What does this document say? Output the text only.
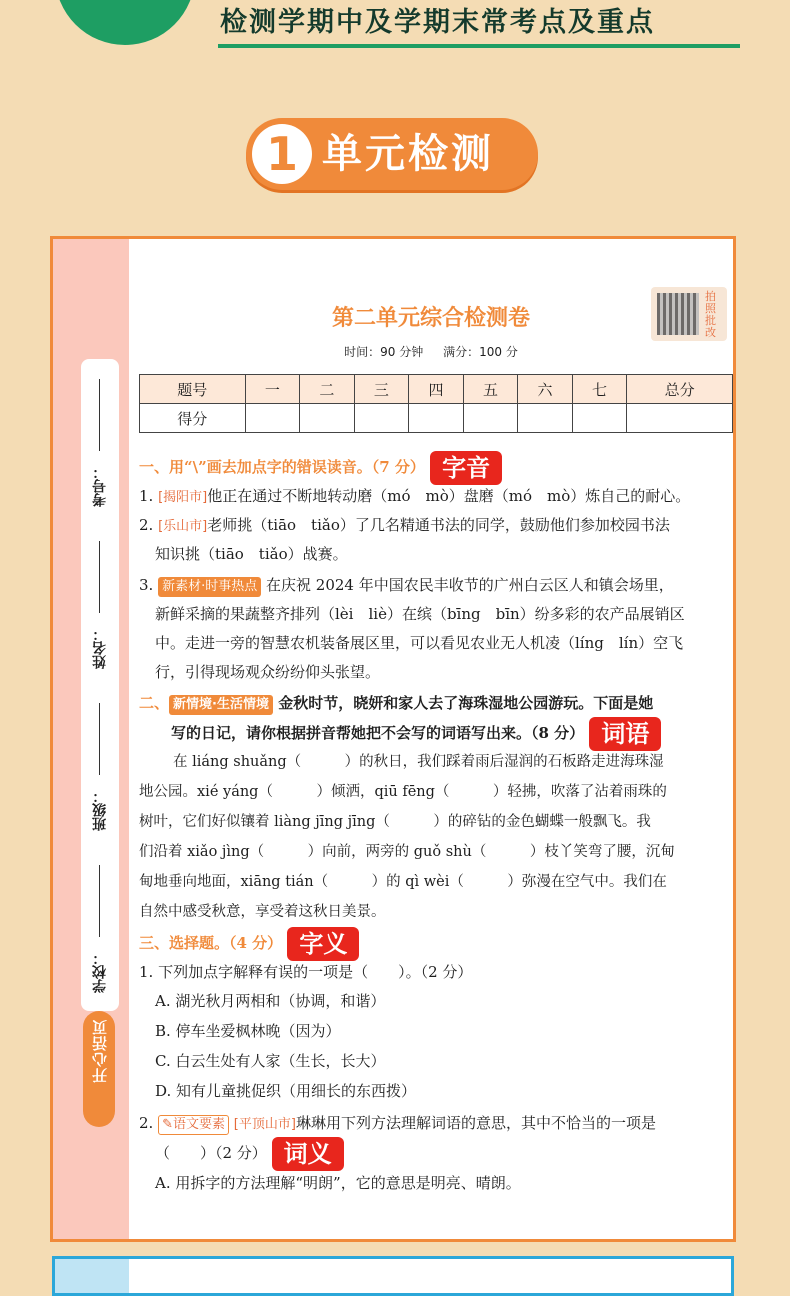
检测学期中及学期末常考点及重点
1 单元检测
考号：
姓名：
班级：
学校：
开心活页
拍照批改
第二单元综合检测卷
时间：90 分钟 满分：100 分
题号	一	二	三	四	五	六	七	总分
得分								
一、用“\”画去加点字的错误读音。（7 分） 字音
1. [揭阳市]他正在通过不断地转动磨（mó　mò）盘磨（mó　mò）炼自己的耐心。
2. [乐山市]老师挑（tiāo　tiǎo）了几名精通书法的同学，鼓励他们参加校园书法
知识挑（tiāo　tiǎo）战赛。
3. 新素材·时事热点 在庆祝 2024 年中国农民丰收节的广州白云区人和镇会场里，
新鲜采摘的果蔬整齐排列（lèi　liè）在缤（bīng　bīn）纷多彩的农产品展销区
中。走进一旁的智慧农机装备展区里，可以看见农业无人机凌（líng　lín）空飞
行，引得现场观众纷纷仰头张望。
二、 新情境·生活情境 金秋时节，晓妍和家人去了海珠湿地公园游玩。下面是她
写的日记，请你根据拼音帮她把不会写的词语写出来。（8 分） 词语
在 liáng shuǎng（　　　）的秋日，我们踩着雨后湿润的石板路走进海珠湿
地公园。xié yáng（　　　）倾洒，qiū fēng（　　　）轻拂，吹落了沾着雨珠的
树叶，它们好似镶着 liàng jīng jīng（　　　）的碎钻的金色蝴蝶一般飘飞。我
们沿着 xiǎo jìng（　　　）向前，两旁的 guǒ shù（　　　）枝丫笑弯了腰，沉甸
甸地垂向地面，xiāng tián（　　　）的 qì wèi（　　　）弥漫在空气中。我们在
自然中感受秋意，享受着这秋日美景。
三、选择题。（4 分） 字义
1. 下列加点字解释有误的一项是（　　）。（2 分）
A. 湖光秋月两相和（协调，和谐）
B. 停车坐爱枫林晚（因为）
C. 白云生处有人家（生长，长大）
D. 知有儿童挑促织（用细长的东西拨）
2. ✎语文要素 [平顶山市]琳琳用下列方法理解词语的意思，其中不恰当的一项是
（　　）（2 分） 词义
A. 用拆字的方法理解“明朗”，它的意思是明亮、晴朗。
